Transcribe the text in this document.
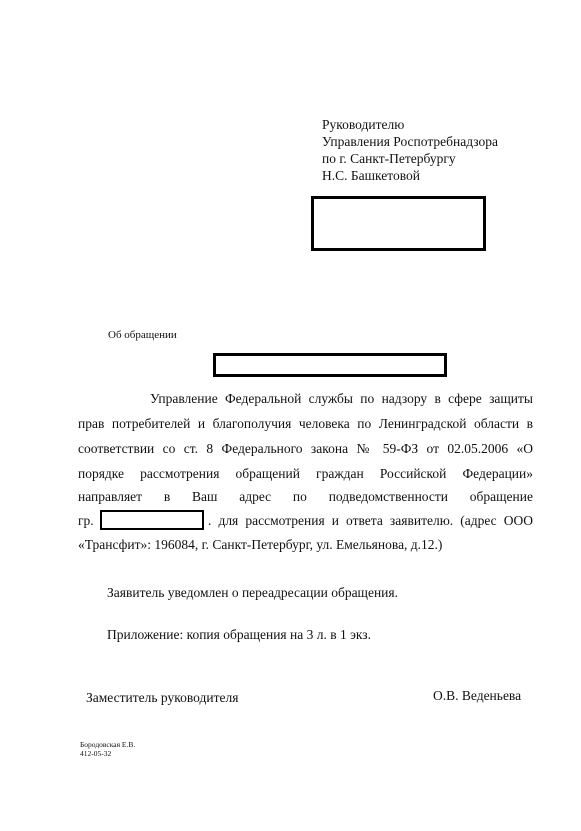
Руководителю
Управления Роспотребнадзора
по г. Санкт-Петербургу
Н.С. Башкетовой
Об обращении
Управление Федеральной службы по надзору в сфере защиты
прав потребителей и благополучия человека по Ленинградской области в
соответствии со ст. 8 Федерального закона № 59-ФЗ от 02.05.2006 «О
порядке рассмотрения обращений граждан Российской Федерации»
направляет в Ваш адрес по подведомственности обращение
гр.	. для рассмотрения и ответа заявителю. (адрес ООО
«Трансфит»: 196084, г. Санкт-Петербург, ул. Емельянова, д.12.)
Заявитель уведомлен о переадресации обращения.
Приложение: копия обращения на 3 л. в 1 экз.
Заместитель руководителя	О.В. Веденьева
Бородовская Е.В.
412-05-32
